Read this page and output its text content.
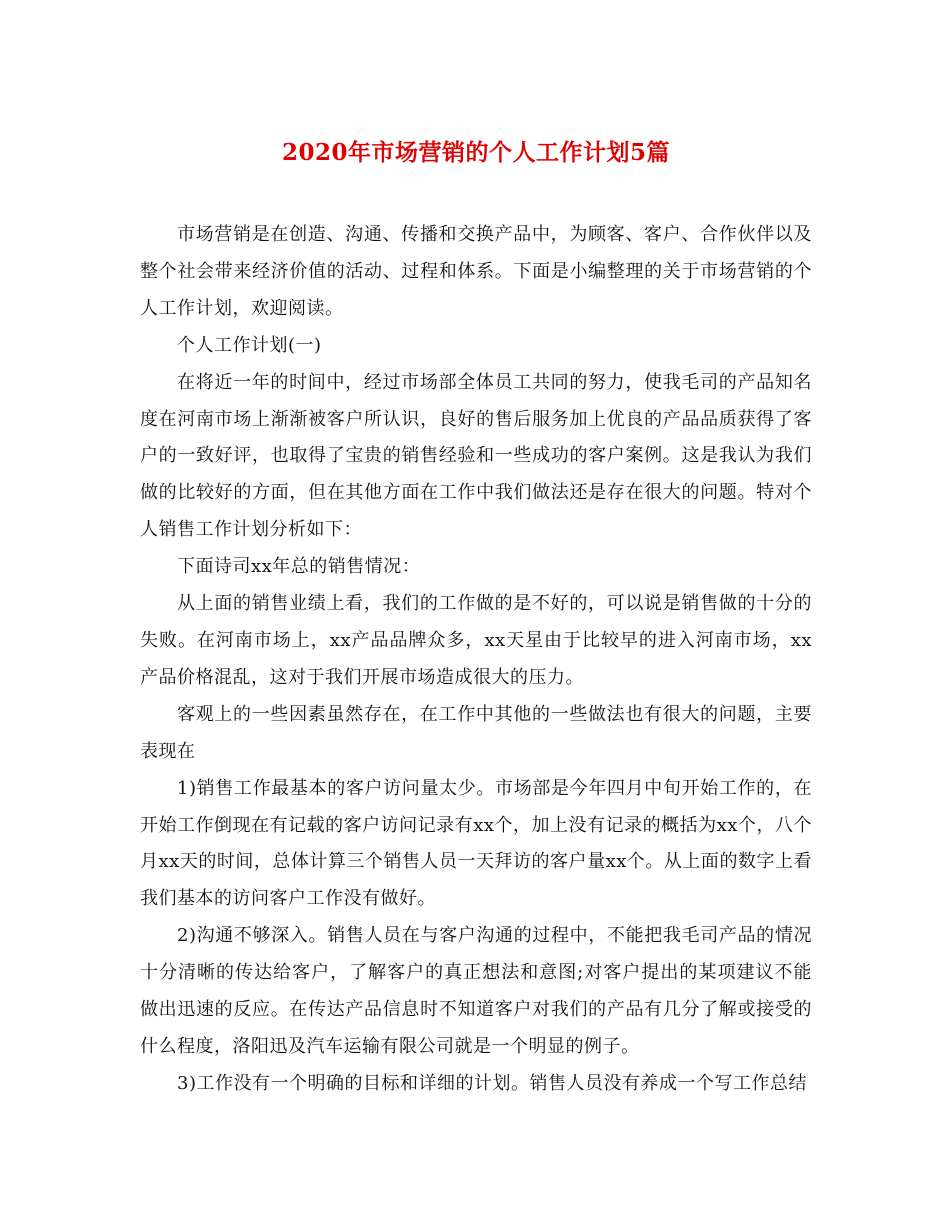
2020年市场营销的个人工作计划5篇

市场营销是在创造、沟通、传播和交换产品中，为顾客、客户、合作伙伴以及整个社会带来经济价值的活动、过程和体系。下面是小编整理的关于市场营销的个人工作计划，欢迎阅读。

个人工作计划(一)

在将近一年的时间中，经过市场部全体员工共同的努力，使我毛司的产品知名度在河南市场上渐渐被客户所认识，良好的售后服务加上优良的产品品质获得了客户的一致好评，也取得了宝贵的销售经验和一些成功的客户案例。这是我认为我们做的比较好的方面，但在其他方面在工作中我们做法还是存在很大的问题。特对个人销售工作计划分析如下：

下面诗司xx年总的销售情况：

从上面的销售业绩上看，我们的工作做的是不好的，可以说是销售做的十分的失败。在河南市场上，xx产品品牌众多，xx天星由于比较早的进入河南市场，xx产品价格混乱，这对于我们开展市场造成很大的压力。

客观上的一些因素虽然存在，在工作中其他的一些做法也有很大的问题，主要表现在

1)销售工作最基本的客户访问量太少。市场部是今年四月中旬开始工作的，在开始工作倒现在有记载的客户访问记录有xx个，加上没有记录的概括为xx个，八个月xx天的时间，总体计算三个销售人员一天拜访的客户量xx个。从上面的数字上看我们基本的访问客户工作没有做好。

2)沟通不够深入。销售人员在与客户沟通的过程中，不能把我毛司产品的情况十分清晰的传达给客户，了解客户的真正想法和意图;对客户提出的某项建议不能做出迅速的反应。在传达产品信息时不知道客户对我们的产品有几分了解或接受的什么程度，洛阳迅及汽车运输有限公司就是一个明显的例子。

3)工作没有一个明确的目标和详细的计划。销售人员没有养成一个写工作总结
